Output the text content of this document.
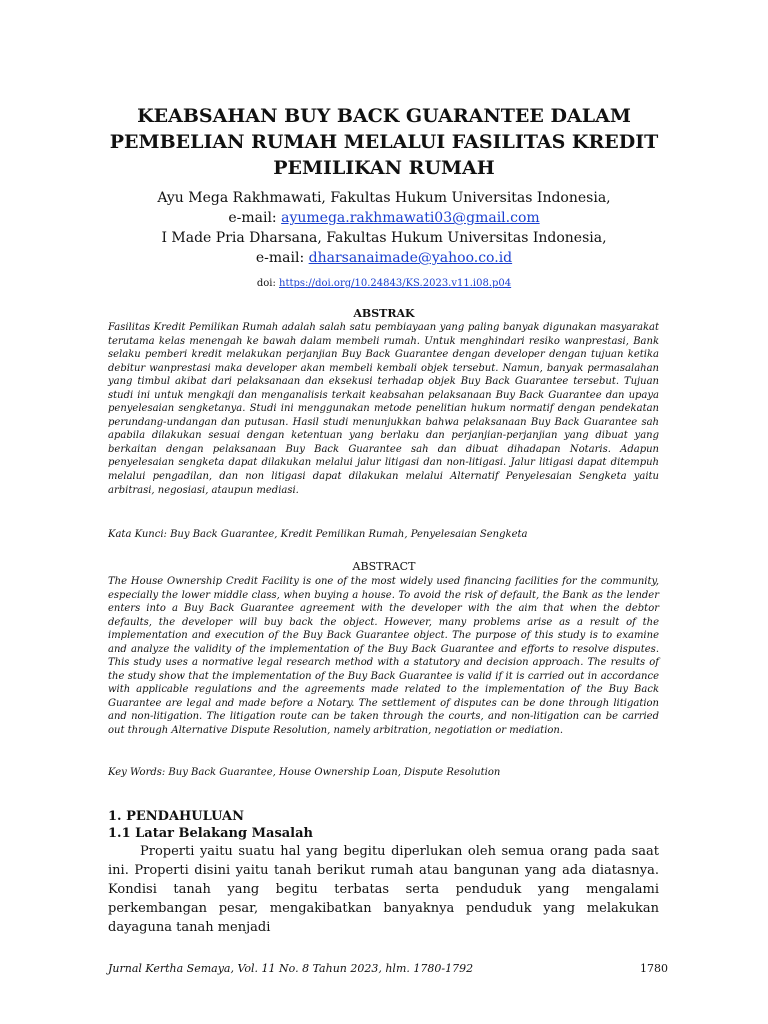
KEABSAHAN BUY BACK GUARANTEE DALAM
PEMBELIAN RUMAH MELALUI FASILITAS KREDIT
PEMILIKAN RUMAH
Ayu Mega Rakhmawati, Fakultas Hukum Universitas Indonesia,
e-mail: ayumega.rakhmawati03@gmail.com
I Made Pria Dharsana, Fakultas Hukum Universitas Indonesia,
e-mail: dharsanaimade@yahoo.co.id
doi: https://doi.org/10.24843/KS.2023.v11.i08.p04
ABSTRAK

Fasilitas Kredit Pemilikan Rumah adalah salah satu pembiayaan yang paling banyak digunakan masyarakat terutama kelas menengah ke bawah dalam membeli rumah. Untuk menghindari resiko wanprestasi, Bank selaku pemberi kredit melakukan perjanjian Buy Back Guarantee dengan developer dengan tujuan ketika debitur wanprestasi maka developer akan membeli kembali objek tersebut. Namun, banyak permasalahan yang timbul akibat dari pelaksanaan dan eksekusi terhadap objek Buy Back Guarantee tersebut. Tujuan studi ini untuk mengkaji dan menganalisis terkait keabsahan pelaksanaan Buy Back Guarantee dan upaya penyelesaian sengketanya. Studi ini menggunakan metode penelitian hukum normatif dengan pendekatan perundang-undangan dan putusan. Hasil studi menunjukkan bahwa pelaksanaan Buy Back Guarantee sah apabila dilakukan sesuai dengan ketentuan yang berlaku dan perjanjian-perjanjian yang dibuat yang berkaitan dengan pelaksanaan Buy Back Guarantee sah dan dibuat dihadapan Notaris. Adapun penyelesaian sengketa dapat dilakukan melalui jalur litigasi dan non-litigasi. Jalur litigasi dapat ditempuh melalui pengadilan, dan non litigasi dapat dilakukan melalui Alternatif Penyelesaian Sengketa yaitu arbitrasi, negosiasi, ataupun mediasi.

Kata Kunci: Buy Back Guarantee, Kredit Pemilikan Rumah, Penyelesaian Sengketa

ABSTRACT

The House Ownership Credit Facility is one of the most widely used financing facilities for the community, especially the lower middle class, when buying a house. To avoid the risk of default, the Bank as the lender enters into a Buy Back Guarantee agreement with the developer with the aim that when the debtor defaults, the developer will buy back the object. However, many problems arise as a result of the implementation and execution of the Buy Back Guarantee object. The purpose of this study is to examine and analyze the validity of the implementation of the Buy Back Guarantee and efforts to resolve disputes. This study uses a normative legal research method with a statutory and decision approach. The results of the study show that the implementation of the Buy Back Guarantee is valid if it is carried out in accordance with applicable regulations and the agreements made related to the implementation of the Buy Back Guarantee are legal and made before a Notary. The settlement of disputes can be done through litigation and non-litigation. The litigation route can be taken through the courts, and non-litigation can be carried out through Alternative Dispute Resolution, namely arbitration, negotiation or mediation.

Key Words: Buy Back Guarantee, House Ownership Loan, Dispute Resolution

1. PENDAHULUAN
1.1 Latar Belakang Masalah

Properti yaitu suatu hal yang begitu diperlukan oleh semua orang pada saat ini. Properti disini yaitu tanah berikut rumah atau bangunan yang ada diatasnya. Kondisi tanah yang begitu terbatas serta penduduk yang mengalami perkembangan pesar, mengakibatkan banyaknya penduduk yang melakukan dayaguna tanah menjadi

Jurnal Kertha Semaya, Vol. 11 No. 8 Tahun 2023, hlm. 1780-1792	1780
